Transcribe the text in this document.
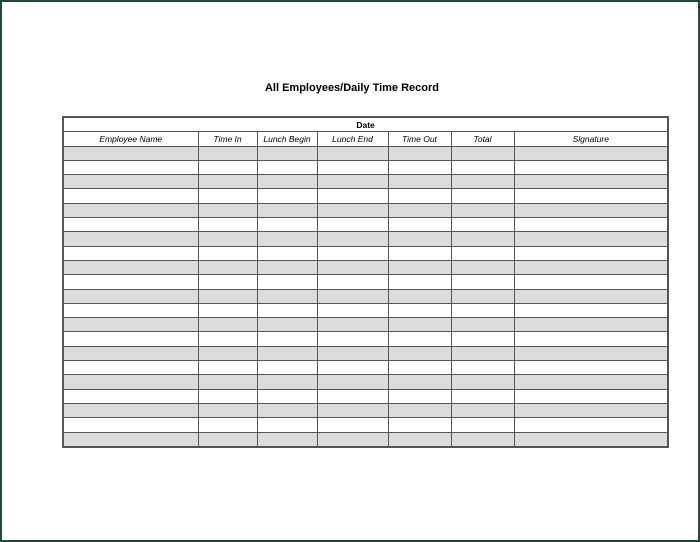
All Employees/Daily Time Record
Date						
Employee Name	Time In	Lunch Begin	Lunch End	Time Out	Total	Signature
